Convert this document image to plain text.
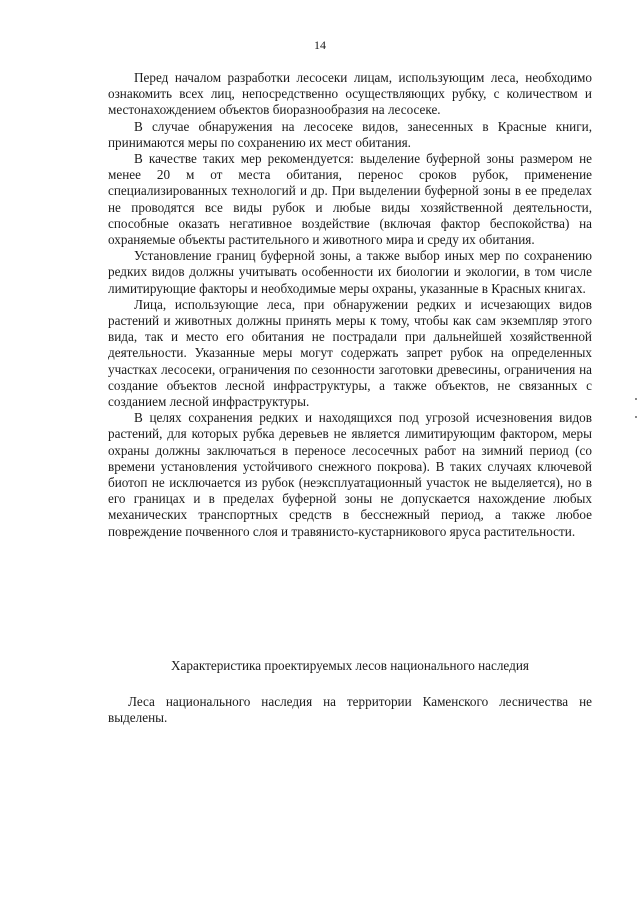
14

Перед началом разработки лесосеки лицам, использующим леса, необходимо ознакомить всех лиц, непосредственно осуществляющих рубку, с количеством и местонахождением объектов биоразнообразия на лесосеке.

В случае обнаружения на лесосеке видов, занесенных в Красные книги, принимаются меры по сохранению их мест обитания.

В качестве таких мер рекомендуется: выделение буферной зоны размером не менее 20 м от места обитания, перенос сроков рубок, применение специализированных технологий и др. При выделении буферной зоны в ее пределах не проводятся все виды рубок и любые виды хозяйственной деятельности, способные оказать негативное воздействие (включая фактор беспокойства) на охраняемые объекты растительного и животного мира и среду их обитания.

Установление границ буферной зоны, а также выбор иных мер по сохранению редких видов должны учитывать особенности их биологии и экологии, в том числе лимитирующие факторы и необходимые меры охраны, указанные в Красных книгах.

Лица, использующие леса, при обнаружении редких и исчезающих видов растений и животных должны принять меры к тому, чтобы как сам экземпляр этого вида, так и место его обитания не пострадали при дальнейшей хозяйственной деятельности. Указанные меры могут содержать запрет рубок на определенных участках лесосеки, ограничения по сезонности заготовки древесины, ограничения на создание объектов лесной инфраструктуры, а также объектов, не связанных с созданием лесной инфраструктуры.

В целях сохранения редких и находящихся под угрозой исчезновения видов растений, для которых рубка деревьев не является лимитирующим фактором, меры охраны должны заключаться в переносе лесосечных работ на зимний период (со времени установления устойчивого снежного покрова). В таких случаях ключевой биотоп не исключается из рубок (неэксплуатационный участок не выделяется), но в его границах и в пределах буферной зоны не допускается нахождение любых механических транспортных средств в бесснежный период, а также любое повреждение почвенного слоя и травянисто-кустарникового яруса растительности.

Характеристика проектируемых лесов национального наследия

Леса национального наследия на территории Каменского лесничества не выделены.
